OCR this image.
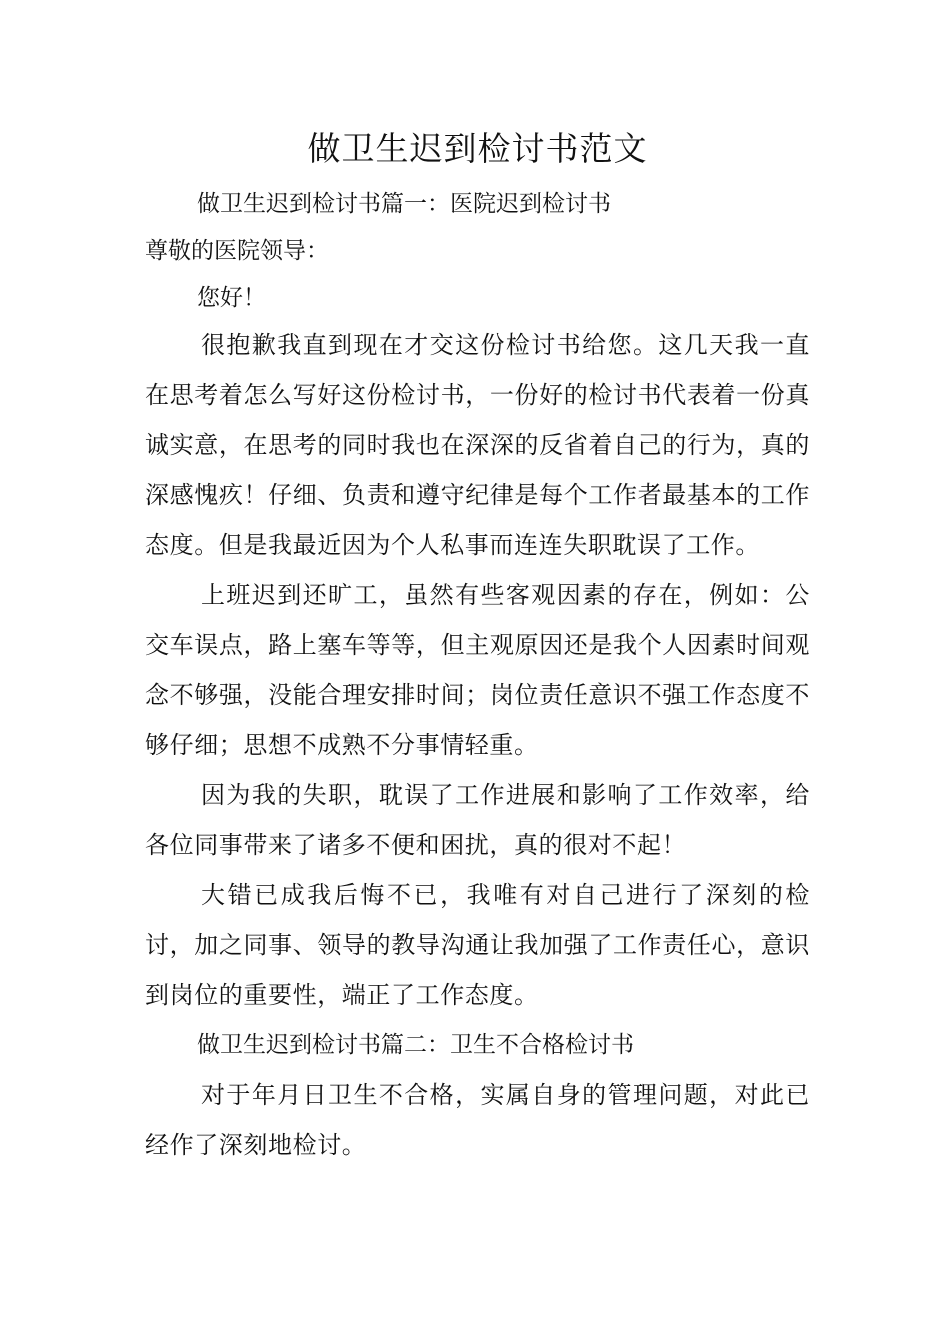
做卫生迟到检讨书范文

做卫生迟到检讨书篇一：医院迟到检讨书

尊敬的医院领导：

您好！

很抱歉我直到现在才交这份检讨书给您。这几天我一直在思考着怎么写好这份检讨书，一份好的检讨书代表着一份真诚实意，在思考的同时我也在深深的反省着自己的行为，真的深感愧疚！仔细、负责和遵守纪律是每个工作者最基本的工作态度。但是我最近因为个人私事而连连失职耽误了工作。

上班迟到还旷工，虽然有些客观因素的存在，例如：公交车误点，路上塞车等等，但主观原因还是我个人因素时间观念不够强，没能合理安排时间；岗位责任意识不强工作态度不够仔细；思想不成熟不分事情轻重。

因为我的失职，耽误了工作进展和影响了工作效率，给各位同事带来了诸多不便和困扰，真的很对不起！

大错已成我后悔不已，我唯有对自己进行了深刻的检讨，加之同事、领导的教导沟通让我加强了工作责任心，意识到岗位的重要性，端正了工作态度。

做卫生迟到检讨书篇二：卫生不合格检讨书

对于年月日卫生不合格，实属自身的管理问题，对此已经作了深刻地检讨。
